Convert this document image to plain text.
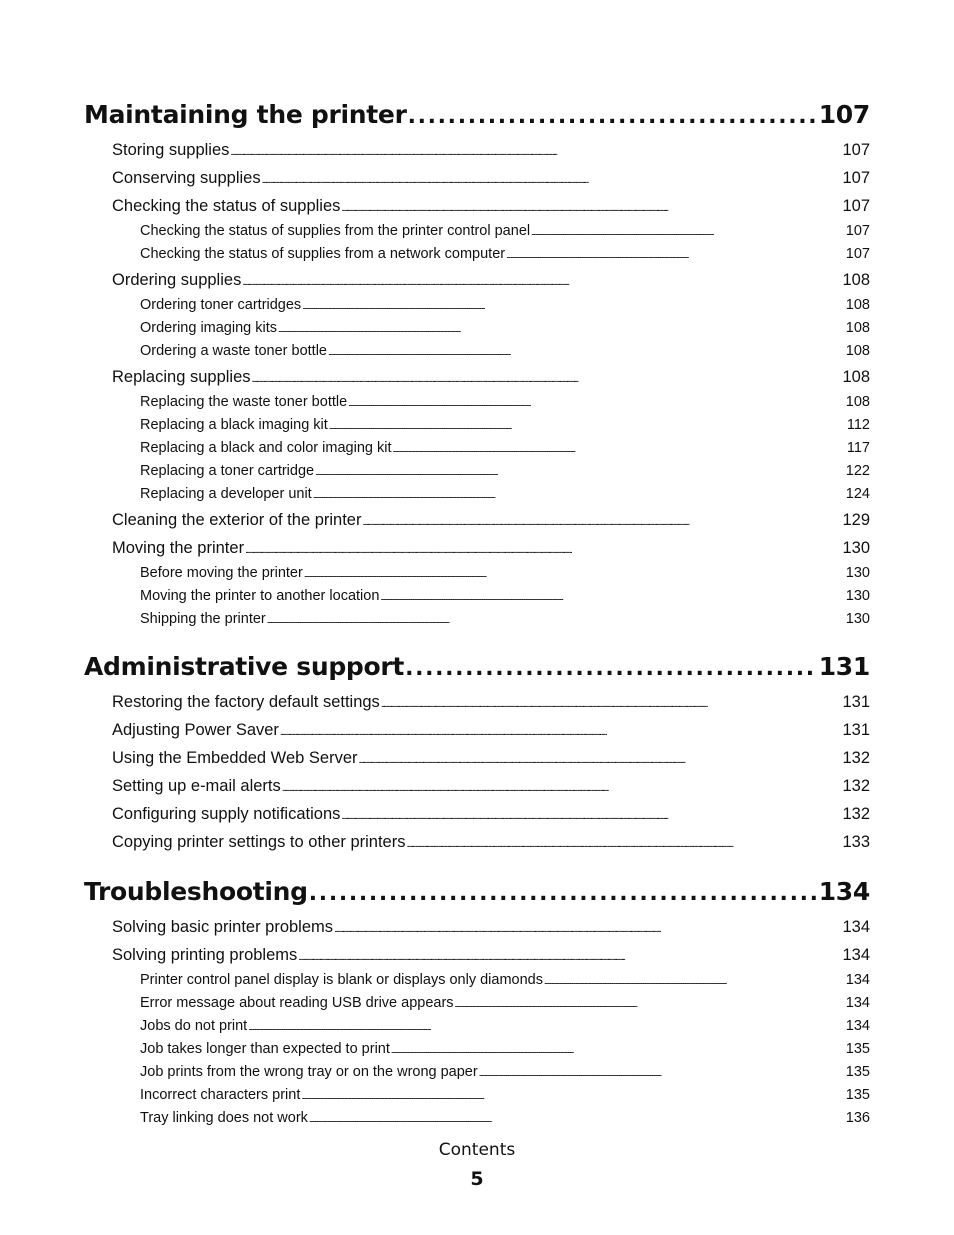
Maintaining the printer . . .	107
Storing supplies . . .	107
Conserving supplies . . .	107
Checking the status of supplies . . .	107
Checking the status of supplies from the printer control panel . . .	107
Checking the status of supplies from a network computer . . .	107
Ordering supplies . . .	108
Ordering toner cartridges . . .	108
Ordering imaging kits . . .	108
Ordering a waste toner bottle . . .	108
Replacing supplies . . .	108
Replacing the waste toner bottle . . .	108
Replacing a black imaging kit . . .	112
Replacing a black and color imaging kit . . .	117
Replacing a toner cartridge . . .	122
Replacing a developer unit . . .	124
Cleaning the exterior of the printer . . .	129
Moving the printer . . .	130
Before moving the printer . . .	130
Moving the printer to another location . . .	130
Shipping the printer . . .	130
Administrative support . . .	131
Restoring the factory default settings . . .	131
Adjusting Power Saver . . .	131
Using the Embedded Web Server . . .	132
Setting up e-mail alerts . . .	132
Configuring supply notifications . . .	132
Copying printer settings to other printers . . .	133
Troubleshooting . . .	134
Solving basic printer problems . . .	134
Solving printing problems . . .	134
Printer control panel display is blank or displays only diamonds . . .	134
Error message about reading USB drive appears . . .	134
Jobs do not print . . .	134
Job takes longer than expected to print . . .	135
Job prints from the wrong tray or on the wrong paper . . .	135
Incorrect characters print . . .	135
Tray linking does not work . . .	136
Contents
5
